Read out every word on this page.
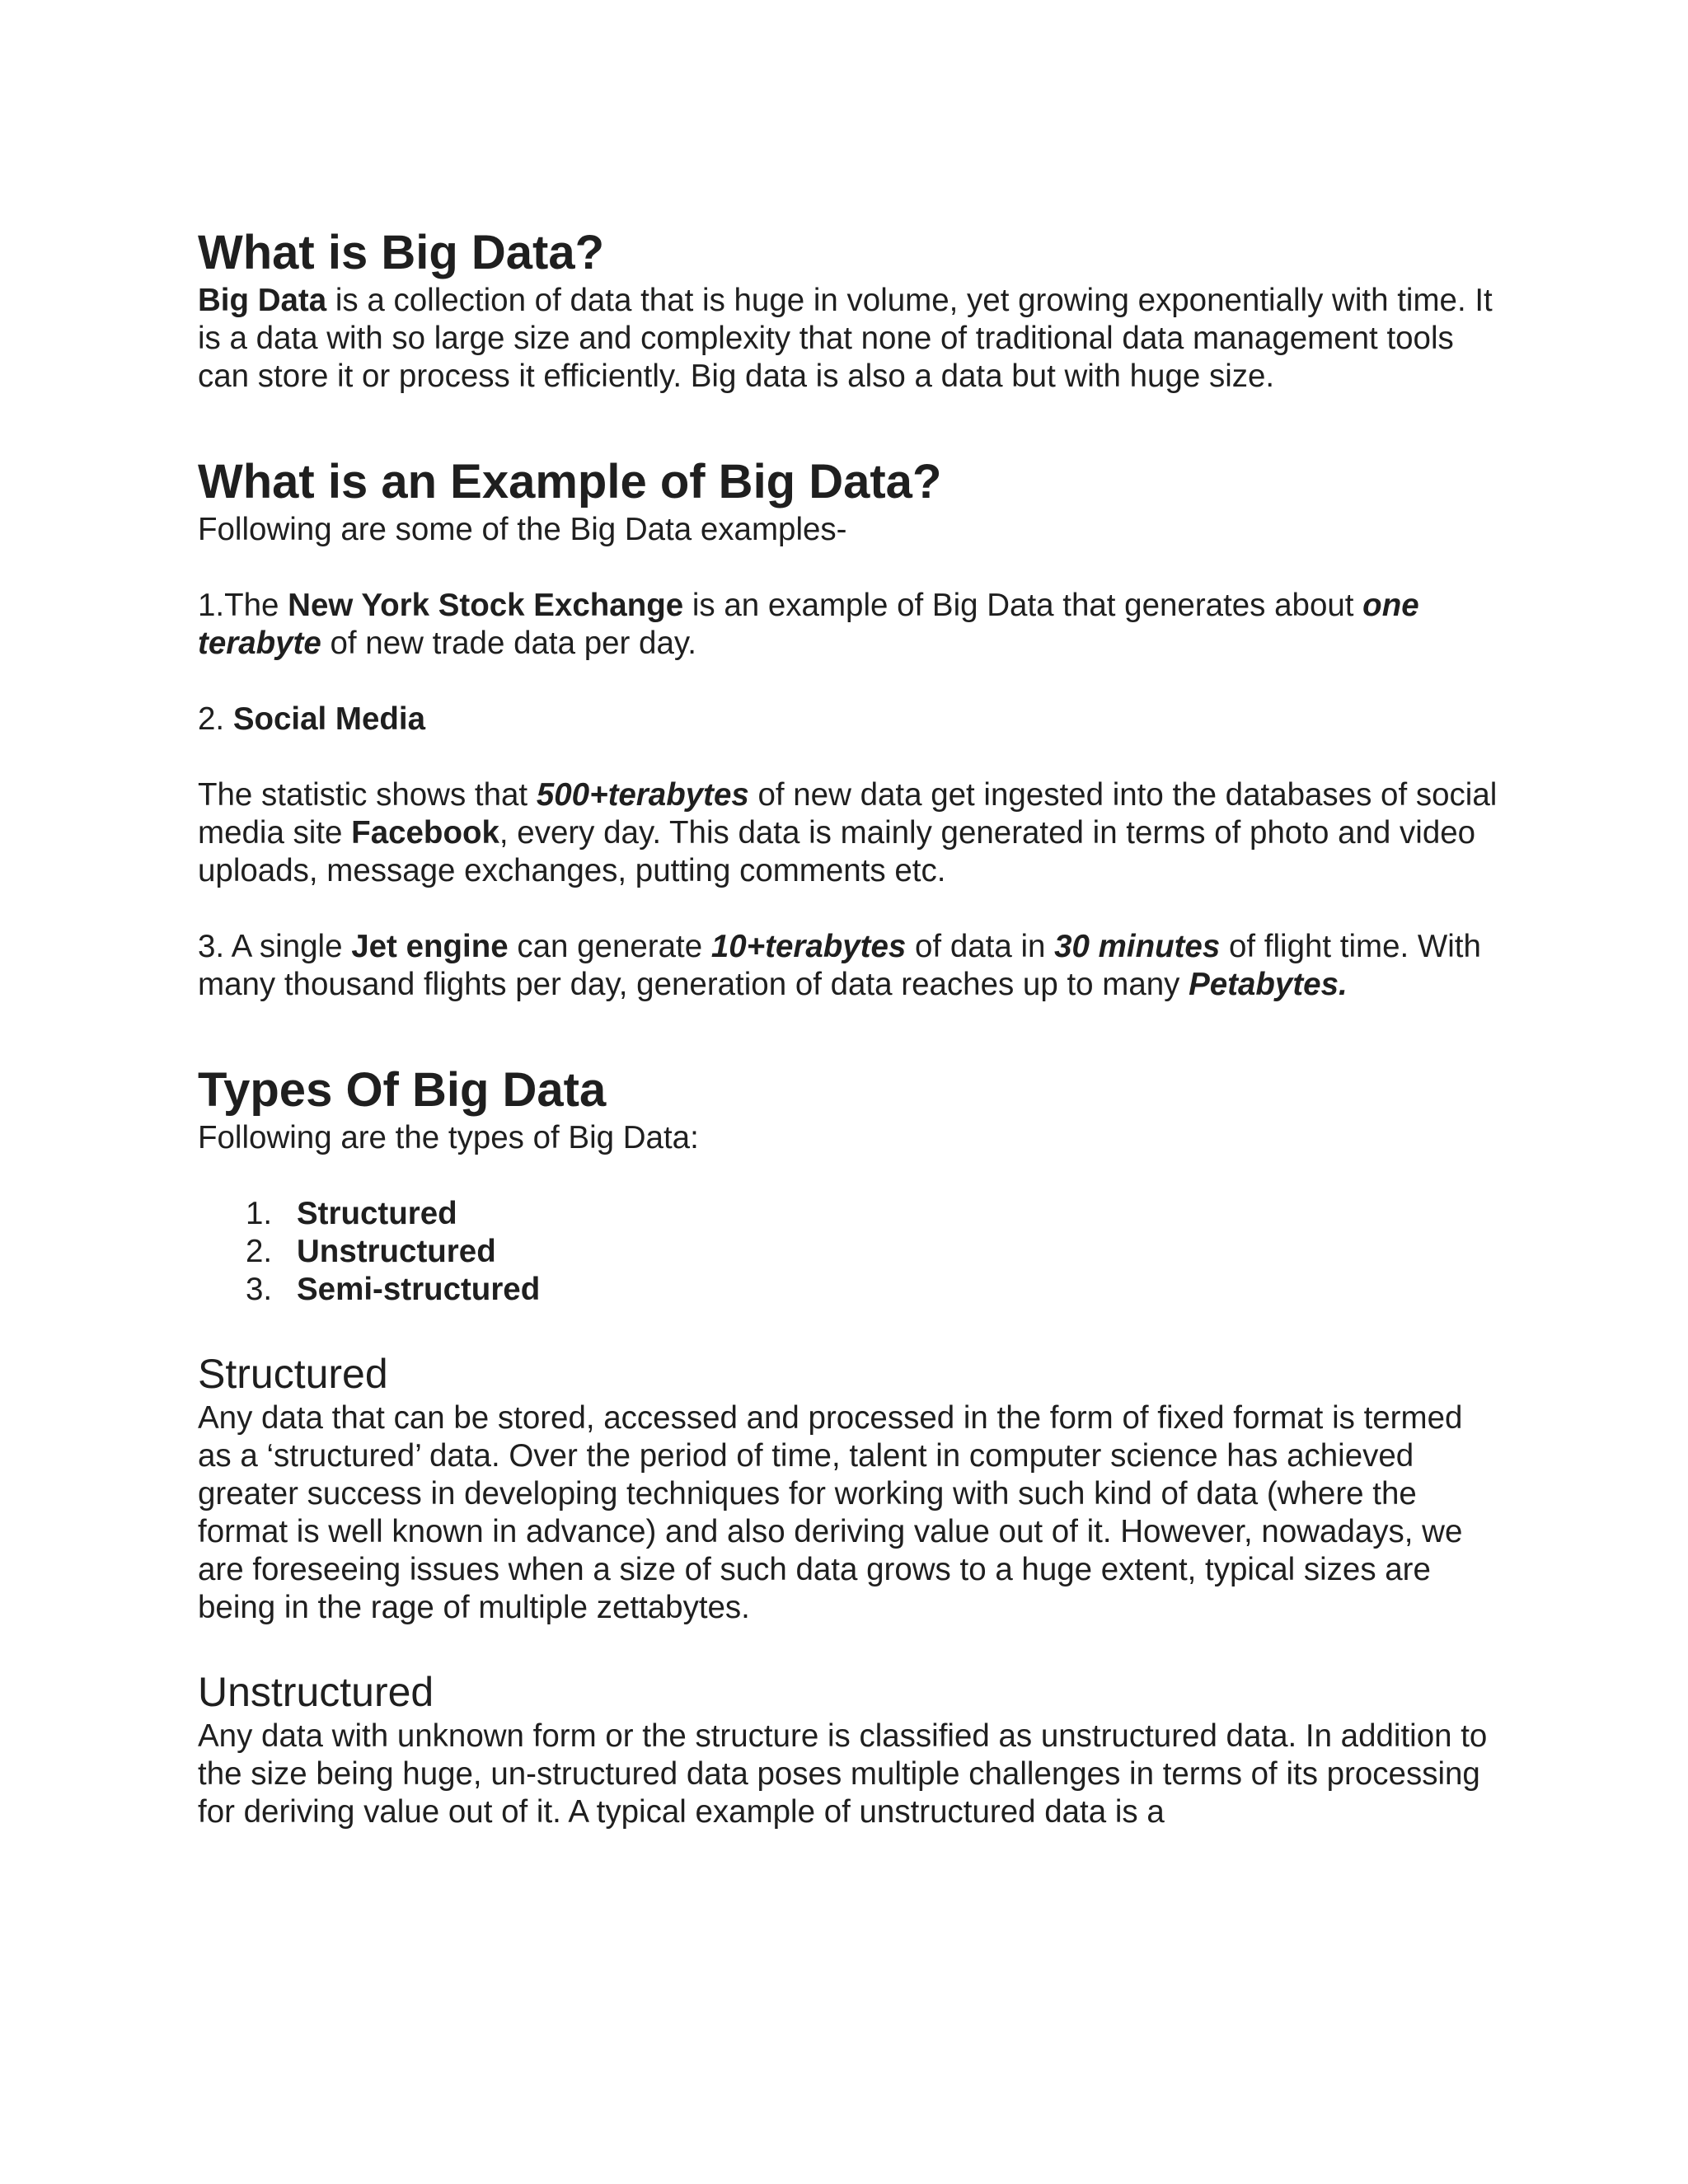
What is Big Data?

Big Data is a collection of data that is huge in volume, yet growing exponentially with time. It is a data with so large size and complexity that none of traditional data management tools can store it or process it efficiently. Big data is also a data but with huge size.

What is an Example of Big Data?

Following are some of the Big Data examples-

1.The New York Stock Exchange is an example of Big Data that generates about one terabyte of new trade data per day.

2. Social Media

The statistic shows that 500+terabytes of new data get ingested into the databases of social media site Facebook, every day. This data is mainly generated in terms of photo and video uploads, message exchanges, putting comments etc.

3. A single Jet engine can generate 10+terabytes of data in 30 minutes of flight time. With many thousand flights per day, generation of data reaches up to many Petabytes.

Types Of Big Data

Following are the types of Big Data:

1. Structured
2. Unstructured
3. Semi-structured
Structured

Any data that can be stored, accessed and processed in the form of fixed format is termed as a ‘structured’ data. Over the period of time, talent in computer science has achieved greater success in developing techniques for working with such kind of data (where the format is well known in advance) and also deriving value out of it. However, nowadays, we are foreseeing issues when a size of such data grows to a huge extent, typical sizes are being in the rage of multiple zettabytes.

Unstructured

Any data with unknown form or the structure is classified as unstructured data. In addition to the size being huge, un-structured data poses multiple challenges in terms of its processing for deriving value out of it. A typical example of unstructured data is a
